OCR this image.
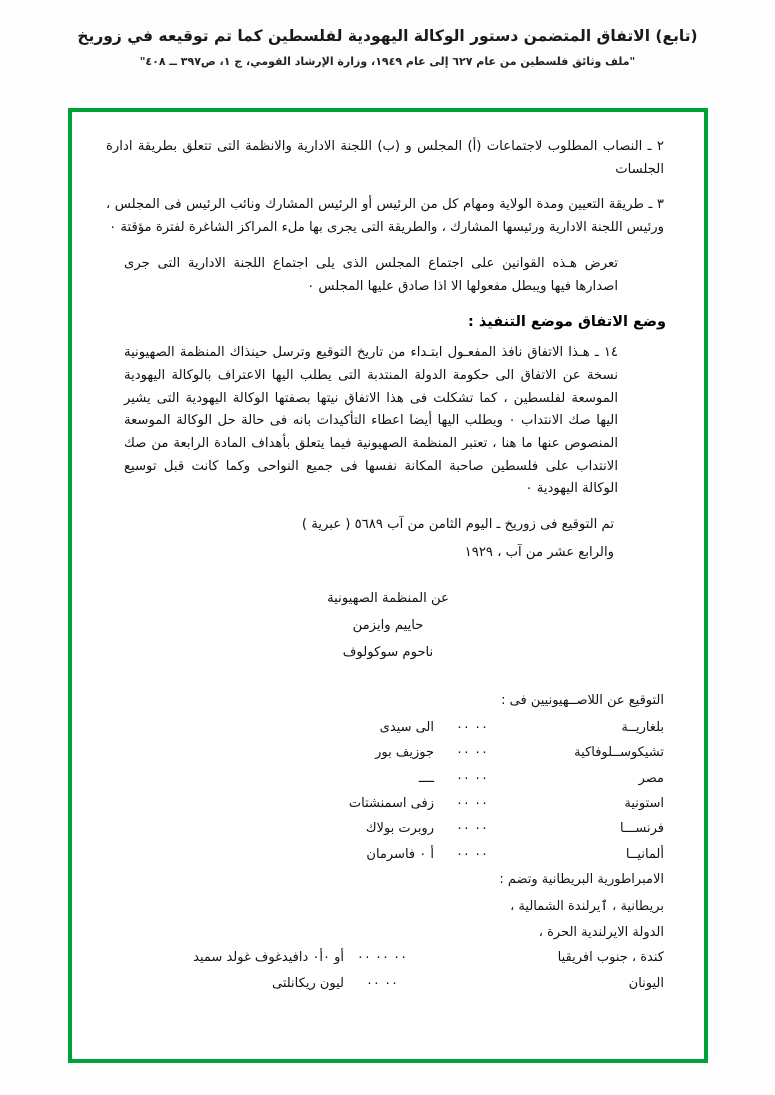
(تابع) الاتفاق المتضمن دستور الوكالة اليهودية لفلسطين كما تم توقيعه في زوريخ
"ملف وثائق فلسطين من عام ٦٢٧ إلى عام ١٩٤٩، وزارة الإرشاد القومي، ج ١، ص٣٩٧ ــ ٤٠٨"
٢ ـ النصاب المطلوب لاجتماعات (أ) المجلس و (ب) اللجنة الادارية والانظمة التى تتعلق بطريقة ادارة الجلسات
٣ ـ طريقة التعيين ومدة الولاية ومهام كل من الرئيس أو الرئيس المشارك ونائب الرئيس فى المجلس ، ورئيس اللجنة الادارية ورئيسها المشارك ، والطريقة التى يجرى بها ملء المراكز الشاغرة لفترة مؤقتة ٠
تعرض هـذه القوانين على اجتماع المجلس الذى يلى اجتماع اللجنة الادارية التى جرى اصدارها فيها ويبطل مفعولها الا اذا صادق عليها المجلس ٠
وضع الاتفاق موضع التنفيذ :
١٤ ـ هـذا الاتفاق نافذ المفعـول ابتـداء من تاريخ التوقيع وترسل حينذاك المنظمة الصهيونية نسخة عن الاتفاق الى حكومة الدولة المنتدبة التى يطلب اليها الاعتراف بالوكالة اليهودية الموسعة لفلسطين ، كما تشكلت فى هذا الاتفاق نيتها بصفتها الوكالة اليهودية التى يشير اليها صك الانتداب ٠ ويطلب اليها أيضا اعطاء التأكيدات بانه فى حالة حل الوكالة الموسعة المنصوص عنها ما هنا ، تعتبر المنظمة الصهيونية فيما يتعلق بأهداف المادة الرابعة من صك الانتداب على فلسطين صاحبة المكانة نفسها فى جميع النواحى وكما كانت قبل توسيع الوكالة اليهودية ٠
تم التوقيع فى زوريخ ـ اليوم الثامن من آب ٥٦٨٩ ( عبرية )
والرابع عشر من آب ، ١٩٢٩
عن المنظمة الصهيونية
حاييم وايزمن
ناحوم سوكولوف
التوقيع عن اللاصــهيونيين فى :
بلغاريــة
٠٠ ٠٠
الى سيدى
تشيكوســلوفاكية
٠٠ ٠٠
جوزيف بور
مصر
٠٠ ٠٠
ــــ
استونية
٠٠ ٠٠
زفى اسمنشتات
فرنســـا
٠٠ ٠٠
روبرت بولاك
ألمانيــا
٠٠ ٠٠
أ ٠ فاسرمان
الامبراطورية البريطانية وتضم :
بريطانية ، ٱيرلندة الشمالية ،
الدولة الايرلندية الحرة ،
كندة ، جنوب افريقيا
٠٠ ٠٠ ٠٠
أو ٠أ٠ دافيدغوف غولد سميد
اليونان
٠٠ ٠٠
ليون ريكانلتى
